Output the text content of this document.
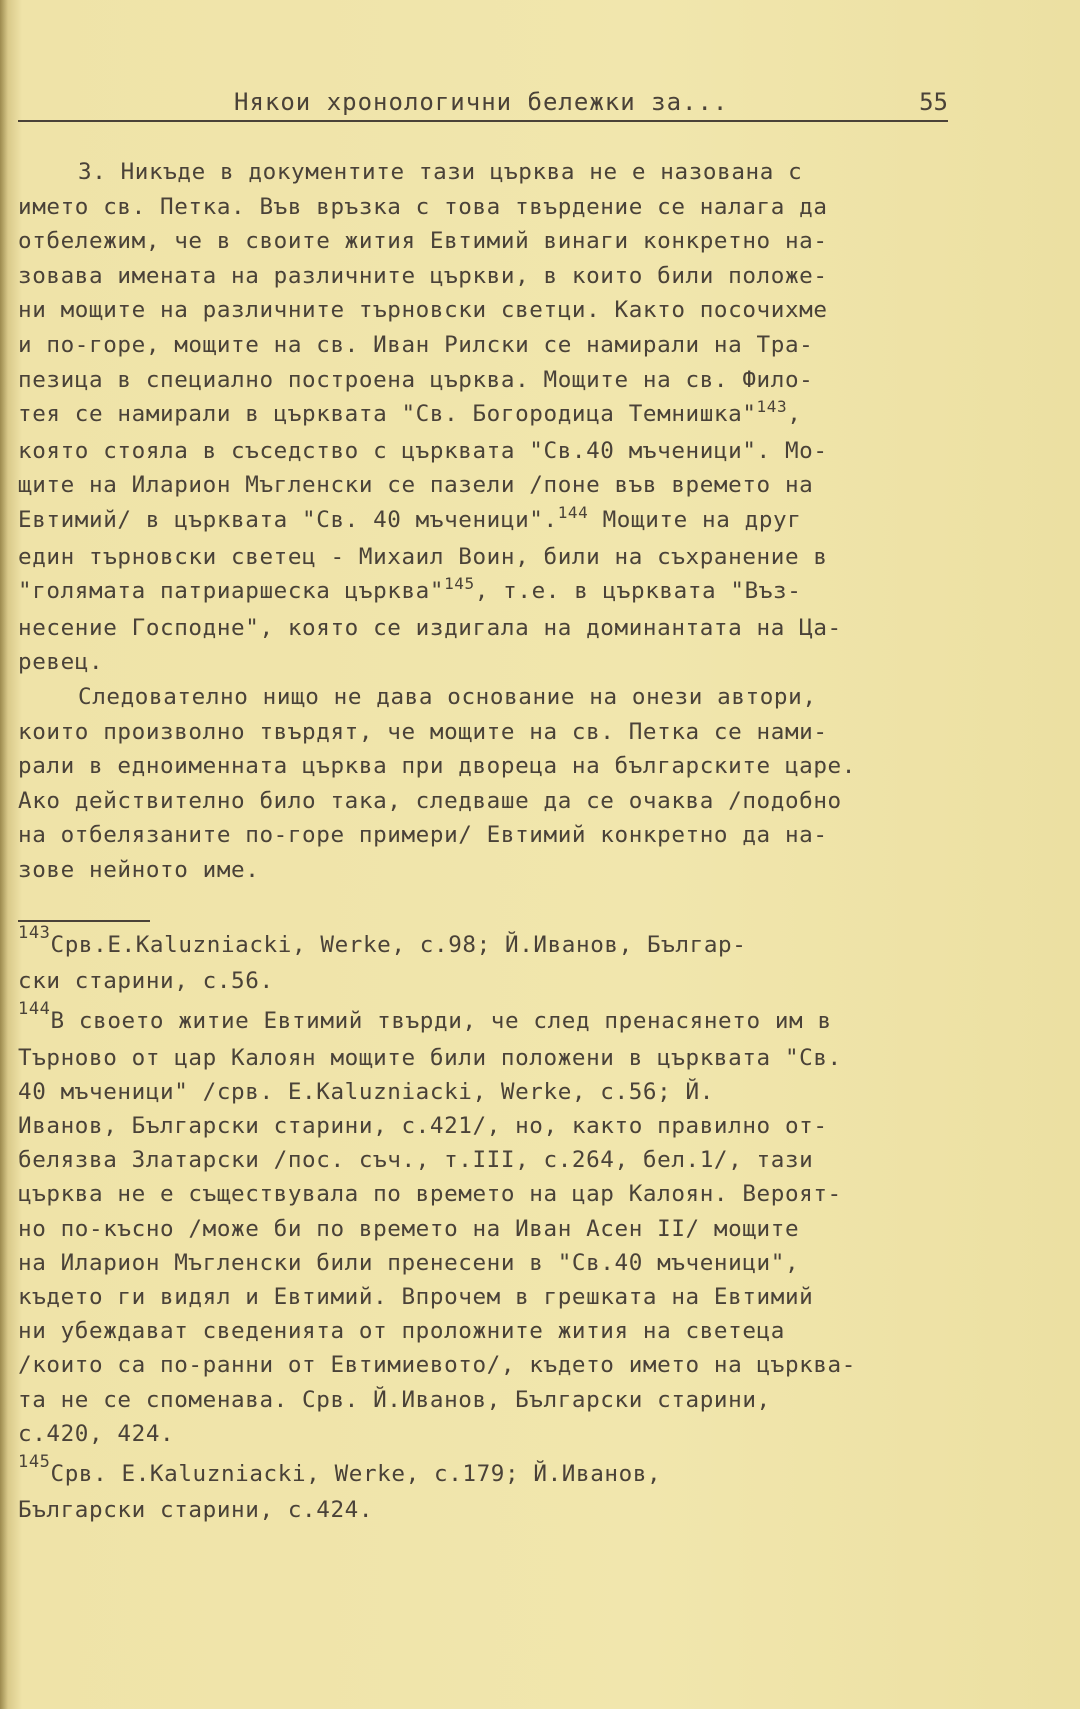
Някои хронологични бележки за...	55
3. Никъде в документите тази църква не е назована с
името св. Петка. Във връзка с това твърдение се налага да
отбележим, че в своите жития Евтимий винаги конкретно на-
зовава имената на различните църкви, в които били положе-
ни мощите на различните търновски светци. Както посочихме
и по-горе, мощите на св. Иван Рилски се намирали на Тра-
пезица в специално построена църква. Мощите на св. Фило-
тея се намирали в църквата "Св. Богородица Темнишка"$^{143}$,
която стояла в съседство с църквата "Св.40 мъченици". Мо-
щите на Иларион Мъгленски се пазели /поне във времето на
Евтимий/ в църквата "Св. 40 мъченици".$^{144}$ Мощите на друг
един търновски светец - Михаил Воин, били на съхранение в
"голямата патриаршеска църква"$^{145}$, т.е. в църквата "Въз-
несение Господне", която се издигала на доминантата на Ца-
ревец.
Следователно нищо не дава основание на онези автори,
които произволно твърдят, че мощите на св. Петка се нами-
рали в едноименната църква при двореца на българските царе.
Ако действително било така, следваше да се очаква /подобно
на отбелязаните по-горе примери/ Евтимий конкретно да на-
зове нейното име.
$^{143}$Срв.Е.Kaluzniacki, Werke, с.98; Й.Иванов, Българ-
ски старини, с.56.
$^{144}$В своето житие Евтимий твърди, че след пренасянето им в
Търново от цар Калоян мощите били положени в църквата "Св.
40 мъченици" /срв. Е.Kaluzniacki, Werke, с.56; Й.
Иванов, Български старини, с.421/, но, както правилно от-
белязва Златарски /пос. съч., т.III, с.264, бел.1/, тази
църква не е съществувала по времето на цар Калоян. Вероят-
но по-късно /може би по времето на Иван Асен II/ мощите
на Иларион Мъгленски били пренесени в "Св.40 мъченици",
където ги видял и Евтимий. Впрочем в грешката на Евтимий
ни убеждават сведенията от проложните жития на светеца
/които са по-ранни от Евтимиевото/, където името на църква-
та не се споменава. Срв. Й.Иванов, Български старини,
с.420, 424.
$^{145}$Срв. Е.Kaluzniacki, Werke, с.179; Й.Иванов,
Български старини, с.424.
